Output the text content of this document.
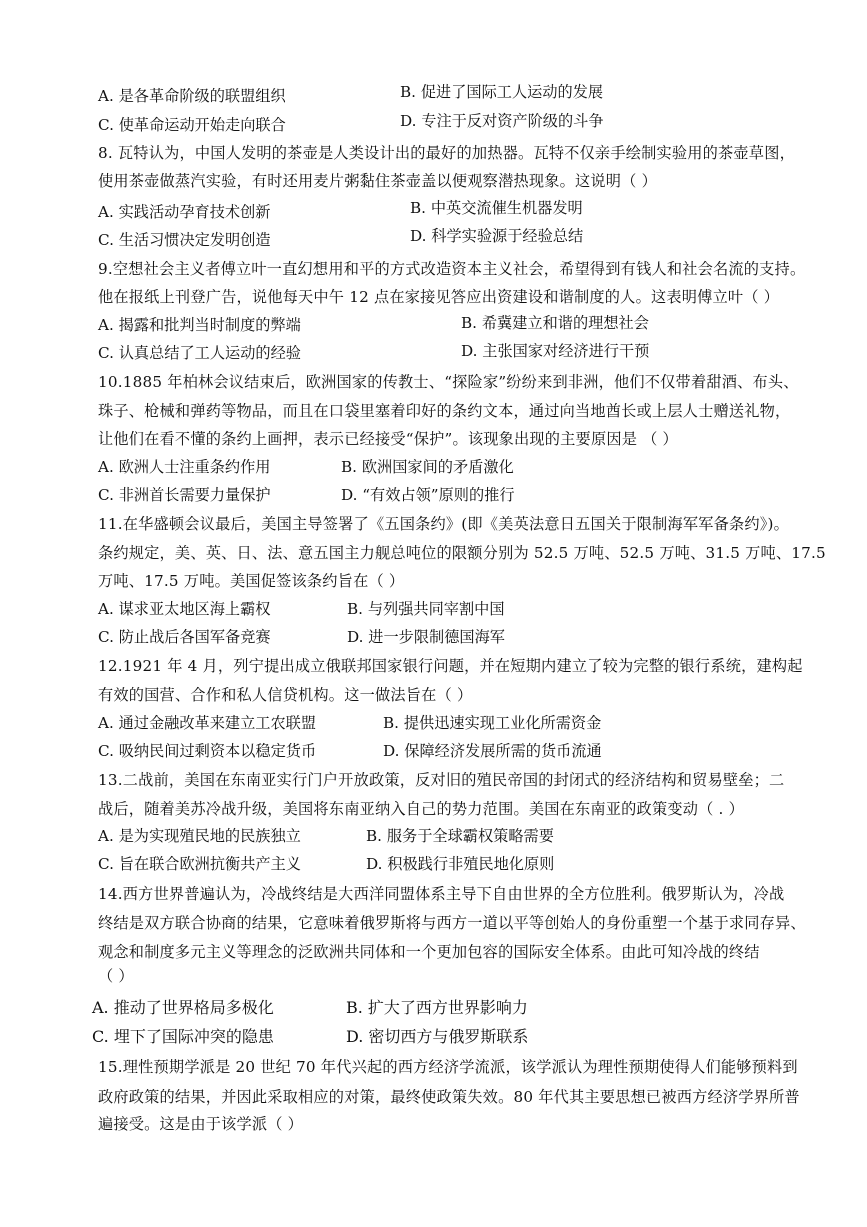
A. 是各革命阶级的联盟组织	B. 促进了国际工人运动的发展
C. 使革命运动开始走向联合	D. 专注于反对资产阶级的斗争
8. 瓦特认为，中国人发明的茶壶是人类设计出的最好的加热器。瓦特不仅亲手绘制实验用的茶壶草图，
使用茶壶做蒸汽实验，有时还用麦片粥黏住茶壶盖以便观察潜热现象。这说明（ ）
A. 实践活动孕育技术创新	B. 中英交流催生机器发明
C. 生活习惯决定发明创造	D. 科学实验源于经验总结
9.空想社会主义者傅立叶一直幻想用和平的方式改造资本主义社会，希望得到有钱人和社会名流的支持。
他在报纸上刊登广告，说他每天中午 12 点在家接见答应出资建设和谐制度的人。这表明傅立叶（ ）
A. 揭露和批判当时制度的弊端	B. 希冀建立和谐的理想社会
C. 认真总结了工人运动的经验	D. 主张国家对经济进行干预
10.1885 年柏林会议结束后，欧洲国家的传教士、“探险家”纷纷来到非洲，他们不仅带着甜酒、布头、
珠子、枪械和弹药等物品，而且在口袋里塞着印好的条约文本，通过向当地酋长或上层人士赠送礼物，
让他们在看不懂的条约上画押，表示已经接受“保护”。该现象出现的主要原因是 （ ）
A. 欧洲人士注重条约作用	B. 欧洲国家间的矛盾激化
C. 非洲首长需要力量保护	D. “有效占领”原则的推行
11.在华盛顿会议最后，美国主导签署了《五国条约》(即《美英法意日五国关于限制海军军备条约》)。
条约规定，美、英、日、法、意五国主力舰总吨位的限额分别为 52.5 万吨、52.5 万吨、31.5 万吨、17.5
万吨、17.5 万吨。美国促签该条约旨在（ ）
A. 谋求亚太地区海上霸权	B. 与列强共同宰割中国
C. 防止战后各国军备竞赛	D. 进一步限制德国海军
12.1921 年 4 月，列宁提出成立俄联邦国家银行问题，并在短期内建立了较为完整的银行系统，建构起
有效的国营、合作和私人信贷机构。这一做法旨在（ ）
A. 通过金融改革来建立工农联盟	B. 提供迅速实现工业化所需资金
C. 吸纳民间过剩资本以稳定货币	D. 保障经济发展所需的货币流通
13.二战前，美国在东南亚实行门户开放政策，反对旧的殖民帝国的封闭式的经济结构和贸易壁垒；二
战后，随着美苏冷战升级，美国将东南亚纳入自己的势力范围。美国在东南亚的政策变动（ . ）
A. 是为实现殖民地的民族独立	B. 服务于全球霸权策略需要
C. 旨在联合欧洲抗衡共产主义	D. 积极践行非殖民地化原则
14.西方世界普遍认为，冷战终结是大西洋同盟体系主导下自由世界的全方位胜利。俄罗斯认为，冷战
终结是双方联合协商的结果，它意味着俄罗斯将与西方一道以平等创始人的身份重塑一个基于求同存异、
观念和制度多元主义等理念的泛欧洲共同体和一个更加包容的国际安全体系。由此可知冷战的终结
（ ）
A. 推动了世界格局多极化	B. 扩大了西方世界影响力
C. 埋下了国际冲突的隐患	D. 密切西方与俄罗斯联系
15.理性预期学派是 20 世纪 70 年代兴起的西方经济学流派，该学派认为理性预期使得人们能够预料到
政府政策的结果，并因此采取相应的对策，最终使政策失效。80 年代其主要思想已被西方经济学界所普
遍接受。这是由于该学派（ ）
